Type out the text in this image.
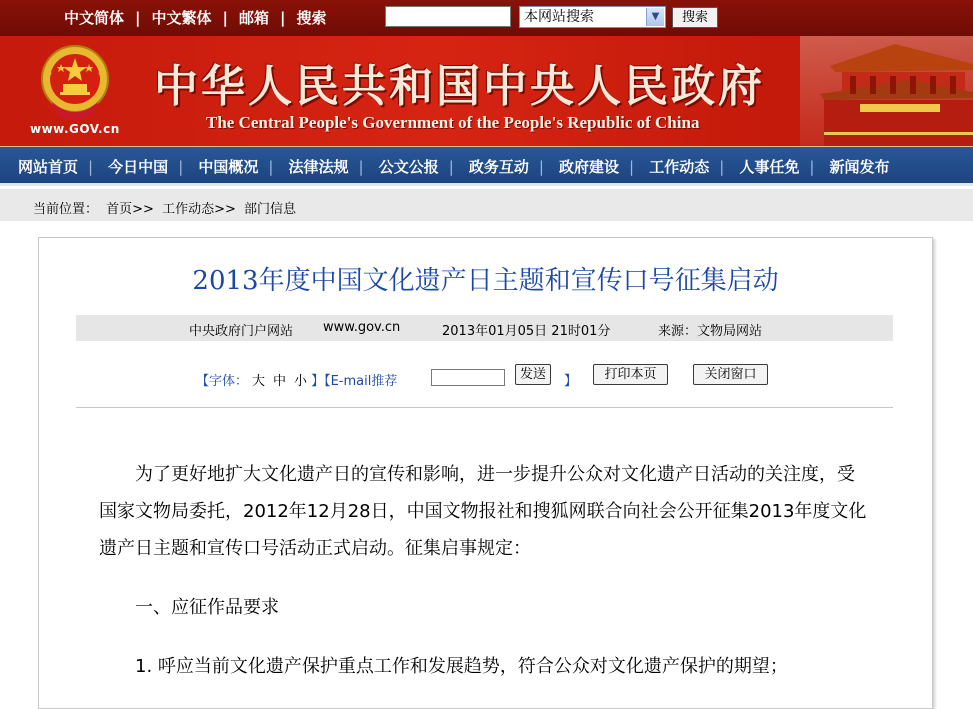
中文简体 | 中文繁体 | 邮箱 | 搜索	本网站搜索	▼	搜索
www.GOV.cn
中华人民共和国中央人民政府
The Central People's Government of the People's Republic of China
网站首页 | 今日中国 | 中国概况 | 法律法规 | 公文公报 | 政务互动 | 政府建设 | 工作动态 | 人事任免 | 新闻发布
当前位置： 首页>> 工作动态>> 部门信息
2013年度中国文化遗产日主题和宣传口号征集启动
中央政府门户网站 www.gov.cn	2013年01月05日 21时01分	来源：文物局网站
【字体： 大 中 小 】【E-mail推荐	发送	】	打印本页	关闭窗口

为了更好地扩大文化遗产日的宣传和影响，进一步提升公众对文化遗产日活动的关注度，受国家文物局委托，2012年12月28日，中国文物报社和搜狐网联合向社会公开征集2013年度文化遗产日主题和宣传口号活动正式启动。征集启事规定：

一、应征作品要求

1. 呼应当前文化遗产保护重点工作和发展趋势，符合公众对文化遗产保护的期望；
